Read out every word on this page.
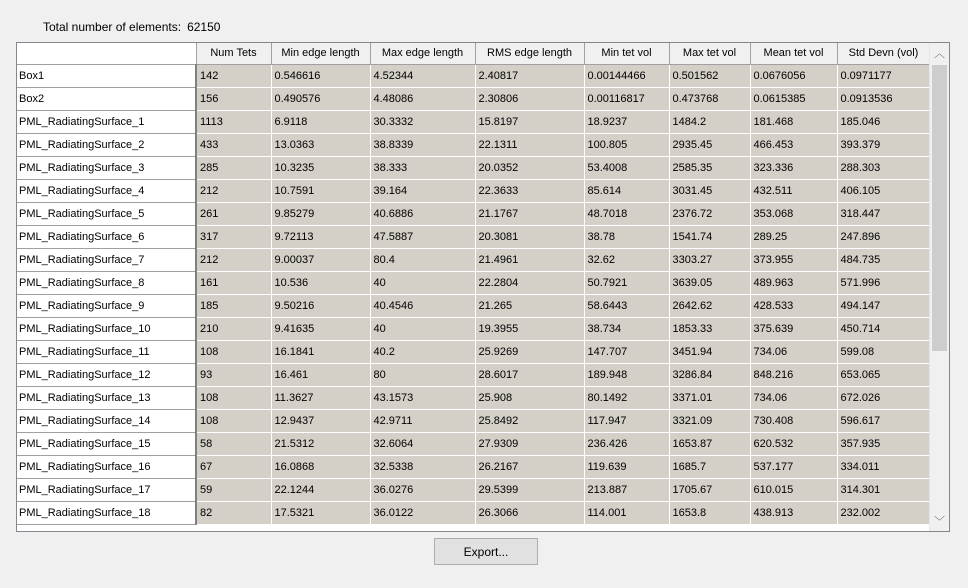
Total number of elements: 62150
	Num Tets	Min edge length	Max edge length	RMS edge length	Min tet vol	Max tet vol	Mean tet vol	Std Devn (vol)
Box1	142	0.546616	4.52344	2.40817	0.00144466	0.501562	0.0676056	0.0971177
Box2	156	0.490576	4.48086	2.30806	0.00116817	0.473768	0.0615385	0.0913536
PML_RadiatingSurface_1	1113	6.9118	30.3332	15.8197	18.9237	1484.2	181.468	185.046
PML_RadiatingSurface_2	433	13.0363	38.8339	22.1311	100.805	2935.45	466.453	393.379
PML_RadiatingSurface_3	285	10.3235	38.333	20.0352	53.4008	2585.35	323.336	288.303
PML_RadiatingSurface_4	212	10.7591	39.164	22.3633	85.614	3031.45	432.511	406.105
PML_RadiatingSurface_5	261	9.85279	40.6886	21.1767	48.7018	2376.72	353.068	318.447
PML_RadiatingSurface_6	317	9.72113	47.5887	20.3081	38.78	1541.74	289.25	247.896
PML_RadiatingSurface_7	212	9.00037	80.4	21.4961	32.62	3303.27	373.955	484.735
PML_RadiatingSurface_8	161	10.536	40	22.2804	50.7921	3639.05	489.963	571.996
PML_RadiatingSurface_9	185	9.50216	40.4546	21.265	58.6443	2642.62	428.533	494.147
PML_RadiatingSurface_10	210	9.41635	40	19.3955	38.734	1853.33	375.639	450.714
PML_RadiatingSurface_11	108	16.1841	40.2	25.9269	147.707	3451.94	734.06	599.08
PML_RadiatingSurface_12	93	16.461	80	28.6017	189.948	3286.84	848.216	653.065
PML_RadiatingSurface_13	108	11.3627	43.1573	25.908	80.1492	3371.01	734.06	672.026
PML_RadiatingSurface_14	108	12.9437	42.9711	25.8492	117.947	3321.09	730.408	596.617
PML_RadiatingSurface_15	58	21.5312	32.6064	27.9309	236.426	1653.87	620.532	357.935
PML_RadiatingSurface_16	67	16.0868	32.5338	26.2167	119.639	1685.7	537.177	334.011
PML_RadiatingSurface_17	59	22.1244	36.0276	29.5399	213.887	1705.67	610.015	314.301
PML_RadiatingSurface_18	82	17.5321	36.0122	26.3066	114.001	1653.8	438.913	232.002
︿
﹀
Export...
